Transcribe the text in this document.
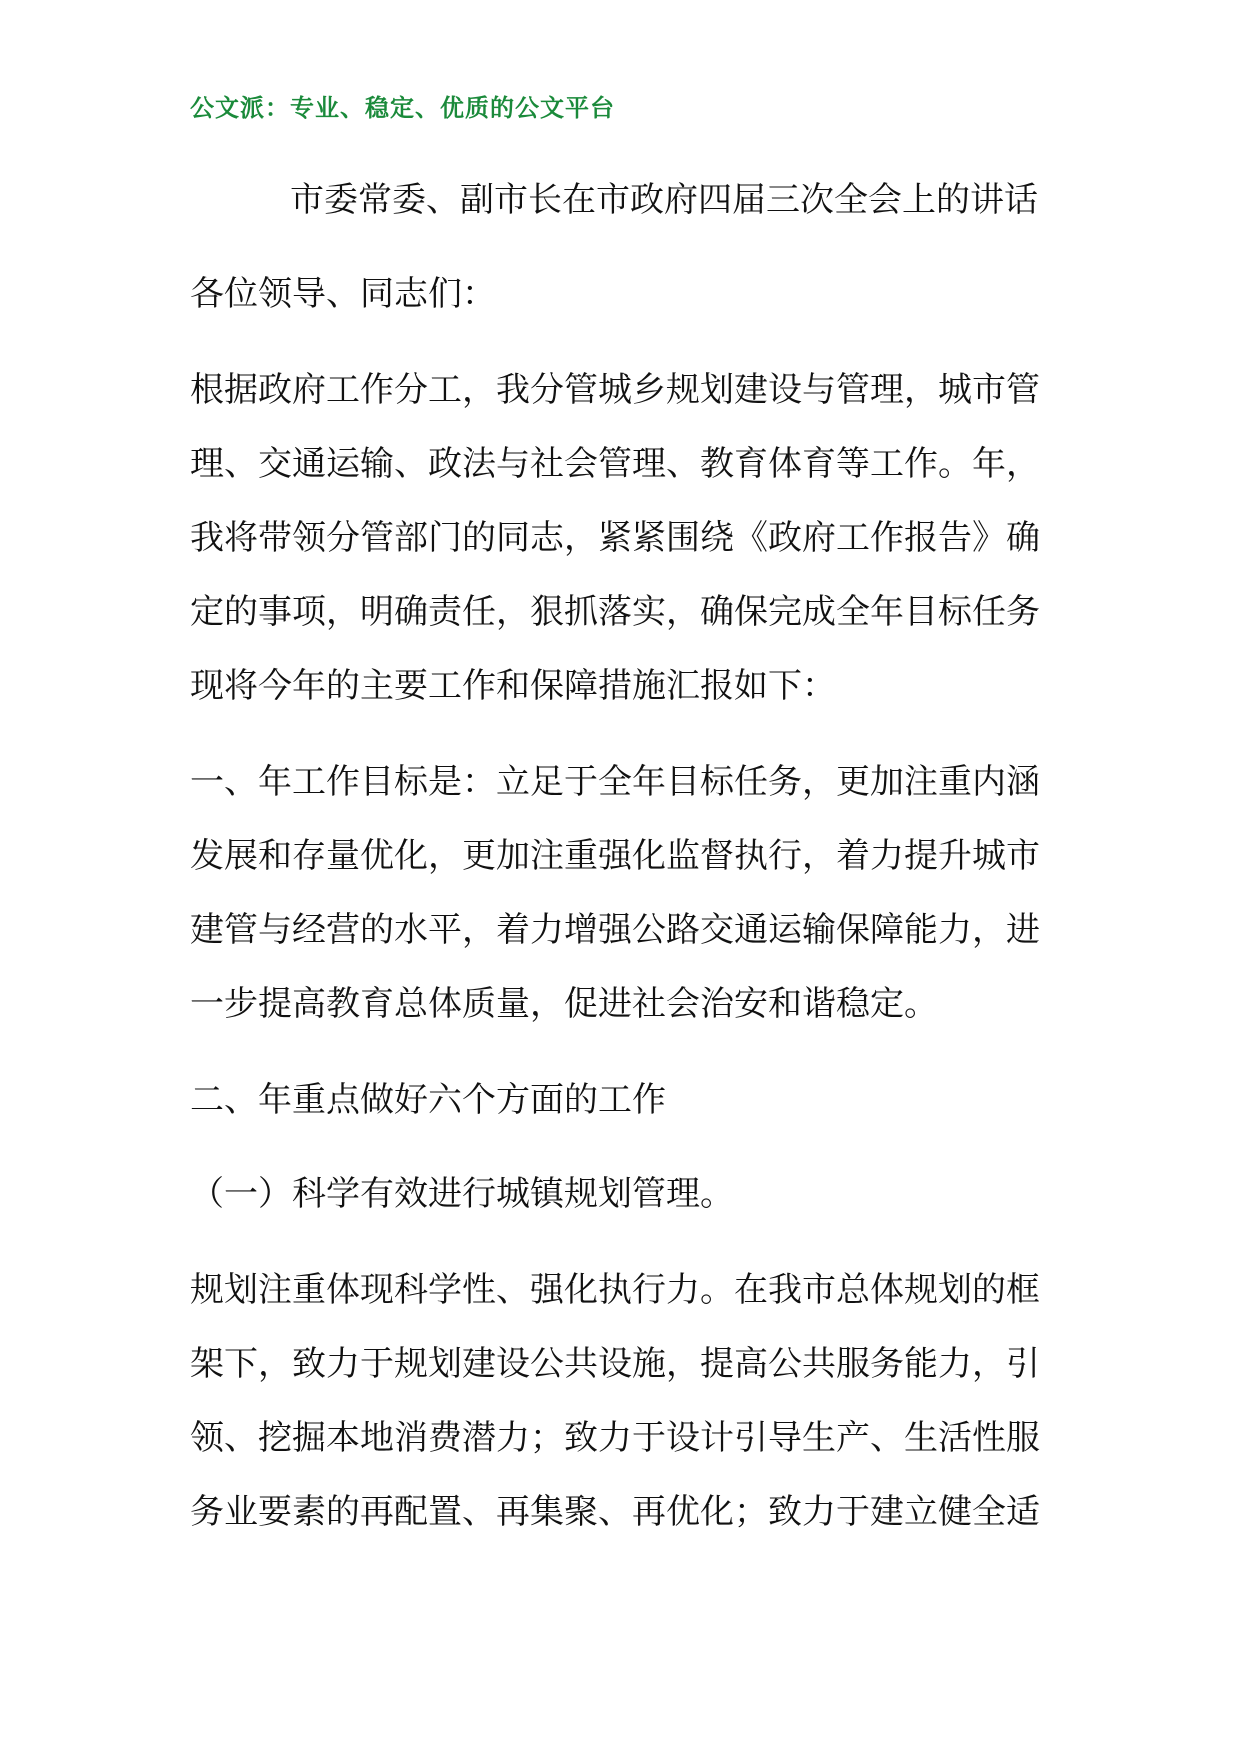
公文派：专业、稳定、优质的公文平台
市委常委、副市长在市政府四届三次全会上的讲话
各位领导、同志们：
根据政府工作分工，我分管城乡规划建设与管理，城市管
理、交通运输、政法与社会管理、教育体育等工作。年，
我将带领分管部门的同志，紧紧围绕《政府工作报告》确
定的事项，明确责任，狠抓落实，确保完成全年目标任务
现将今年的主要工作和保障措施汇报如下：
一、年工作目标是：立足于全年目标任务，更加注重内涵
发展和存量优化，更加注重强化监督执行，着力提升城市
建管与经营的水平，着力增强公路交通运输保障能力，进
一步提高教育总体质量，促进社会治安和谐稳定。
二、年重点做好六个方面的工作
（一）科学有效进行城镇规划管理。
规划注重体现科学性、强化执行力。在我市总体规划的框
架下，致力于规划建设公共设施，提高公共服务能力，引
领、挖掘本地消费潜力；致力于设计引导生产、生活性服
务业要素的再配置、再集聚、再优化；致力于建立健全适
